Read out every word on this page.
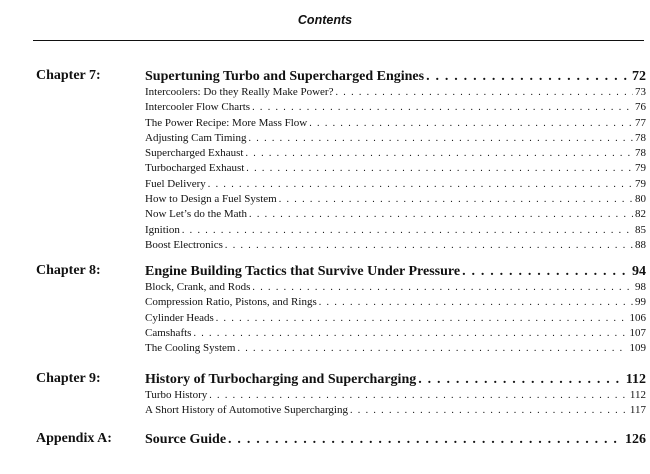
Contents
Chapter 7:	Supertuning Turbo and Supercharged Engines . . .	72
Intercoolers: Do they Really Make Power? . . .	73
Intercooler Flow Charts . . .	76
The Power Recipe: More Mass Flow . . .	77
Adjusting Cam Timing . . .	78
Supercharged Exhaust . . .	78
Turbocharged Exhaust . . .	79
Fuel Delivery . . .	79
How to Design a Fuel System . . .	80
Now Let’s do the Math . . .	82
Ignition . . .	85
Boost Electronics . . .	88
Chapter 8:	Engine Building Tactics that Survive Under Pressure . . .	94
Block, Crank, and Rods . . .	98
Compression Ratio, Pistons, and Rings . . .	99
Cylinder Heads . . .	106
Camshafts . . .	107
The Cooling System . . .	109
Chapter 9:	History of Turbocharging and Supercharging . . .	112
Turbo History . . .	112
A Short History of Automotive Supercharging . . .	117
Appendix A: Source Guide . . .	126
